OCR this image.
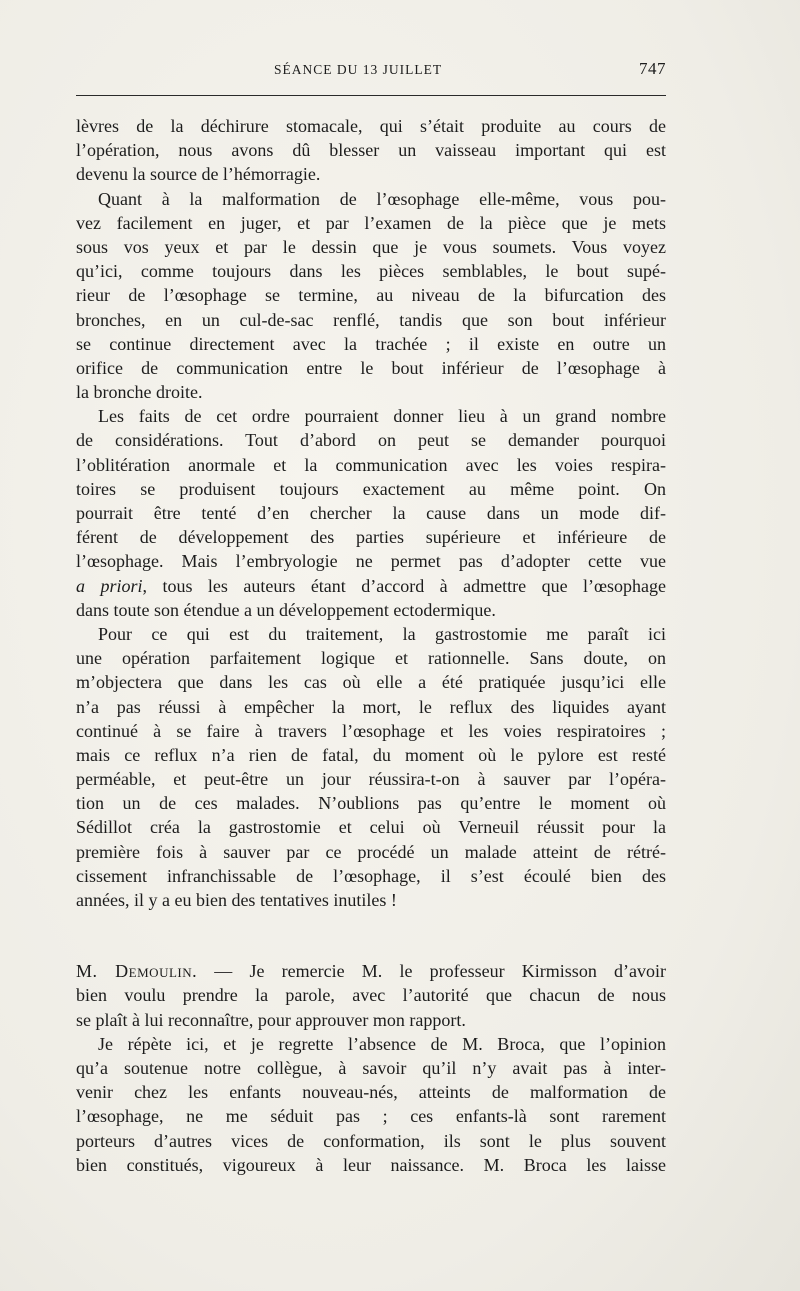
SÉANCE DU 13 JUILLET	747
lèvres de la déchirure stomacale, qui s’était produite au cours de
l’opération, nous avons dû blesser un vaisseau important qui est
devenu la source de l’hémorragie.
Quant à la malformation de l’œsophage elle-même, vous pou-
vez facilement en juger, et par l’examen de la pièce que je mets
sous vos yeux et par le dessin que je vous soumets. Vous voyez
qu’ici, comme toujours dans les pièces semblables, le bout supé-
rieur de l’œsophage se termine, au niveau de la bifurcation des
bronches, en un cul-de-sac renflé, tandis que son bout inférieur
se continue directement avec la trachée ; il existe en outre un
orifice de communication entre le bout inférieur de l’œsophage à
la bronche droite.
Les faits de cet ordre pourraient donner lieu à un grand nombre
de considérations. Tout d’abord on peut se demander pourquoi
l’oblitération anormale et la communication avec les voies respira-
toires se produisent toujours exactement au même point. On
pourrait être tenté d’en chercher la cause dans un mode dif-
férent de développement des parties supérieure et inférieure de
l’œsophage. Mais l’embryologie ne permet pas d’adopter cette vue
a priori, tous les auteurs étant d’accord à admettre que l’œsophage
dans toute son étendue a un développement ectodermique.
Pour ce qui est du traitement, la gastrostomie me paraît ici
une opération parfaitement logique et rationnelle. Sans doute, on
m’objectera que dans les cas où elle a été pratiquée jusqu’ici elle
n’a pas réussi à empêcher la mort, le reflux des liquides ayant
continué à se faire à travers l’œsophage et les voies respiratoires ;
mais ce reflux n’a rien de fatal, du moment où le pylore est resté
perméable, et peut-être un jour réussira-t-on à sauver par l’opéra-
tion un de ces malades. N’oublions pas qu’entre le moment où
Sédillot créa la gastrostomie et celui où Verneuil réussit pour la
première fois à sauver par ce procédé un malade atteint de rétré-
cissement infranchissable de l’œsophage, il s’est écoulé bien des
années, il y a eu bien des tentatives inutiles !
M. Demoulin. — Je remercie M. le professeur Kirmisson d’avoir
bien voulu prendre la parole, avec l’autorité que chacun de nous
se plaît à lui reconnaître, pour approuver mon rapport.
Je répète ici, et je regrette l’absence de M. Broca, que l’opinion
qu’a soutenue notre collègue, à savoir qu’il n’y avait pas à inter-
venir chez les enfants nouveau-nés, atteints de malformation de
l’œsophage, ne me séduit pas ; ces enfants-là sont rarement
porteurs d’autres vices de conformation, ils sont le plus souvent
bien constitués, vigoureux à leur naissance. M. Broca les laisse
